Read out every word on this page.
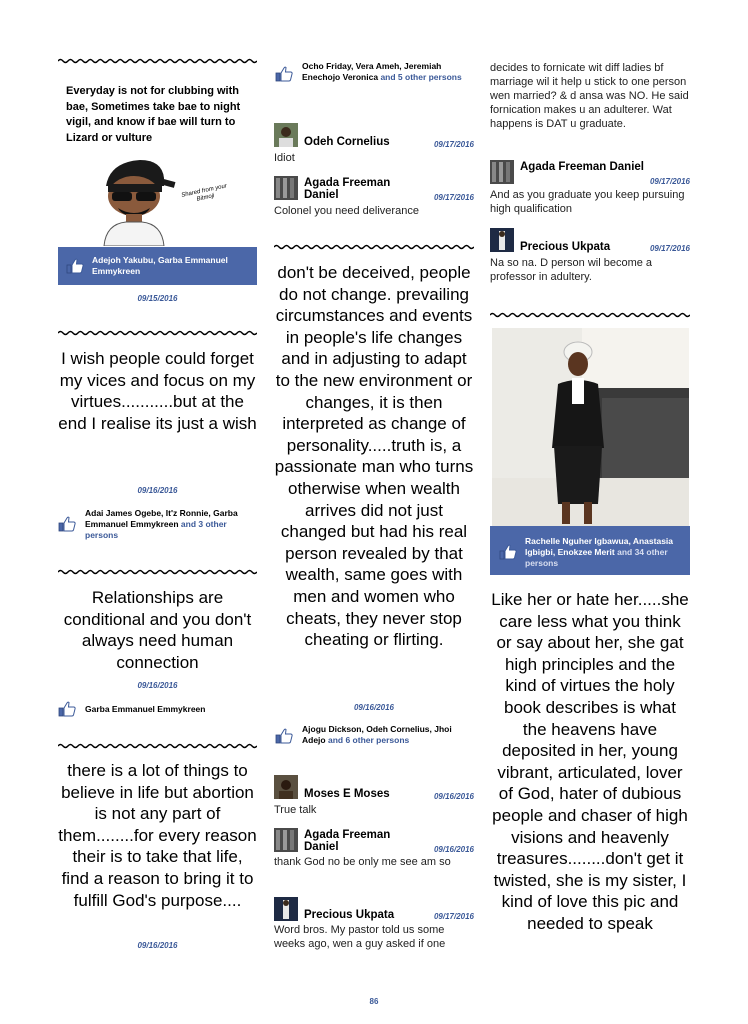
Everyday is not for clubbing with bae, Sometimes take bae to night vigil, and know if bae will turn to Lizard or vulture
Shared from your Bitmoji
Adejoh Yakubu, Garba Emmanuel Emmykreen
09/15/2016
I wish people could forget my vices and focus on my virtues...........but at the end I realise its just a wish
09/16/2016
Adai James Ogebe, It'z Ronnie, Garba Emmanuel Emmykreen and 3 other persons
Relationships are conditional and you don't always need human connection
09/16/2016
Garba Emmanuel Emmykreen
there is a lot of things to believe in life but abortion is not any part of them........for every reason their is to take that life, find a reason to bring it to fulfill God's purpose....
09/16/2016
Ocho Friday, Vera Ameh, Jeremiah Enechojo Veronica and 5 other persons
Odeh Cornelius	09/17/2016
Idiot
Agada Freeman Daniel	09/17/2016
Colonel you need deliverance
don't be deceived, people do not change. prevailing circumstances and events in people's life changes and in adjusting to adapt to the new environment or changes, it is then interpreted as change of personality.....truth is, a passionate man who turns otherwise when wealth arrives did not just changed but had his real person revealed by that wealth, same goes with men and women who cheats, they never stop cheating or flirting.
09/16/2016
Ajogu Dickson, Odeh Cornelius, Jhoi Adejo and 6 other persons
Moses E Moses	09/16/2016
True talk
Agada Freeman Daniel	09/16/2016
thank God no be only me see am so
Precious Ukpata	09/17/2016
Word bros. My pastor told us some weeks ago, wen a guy asked if one
decides to fornicate wit diff ladies bf marriage wil it help u stick to one person wen married? & d ansa was NO. He said fornication makes u an adulterer. Wat happens is DAT u graduate.
Agada Freeman Daniel
09/17/2016
And as you graduate you keep pursuing high qualification
Precious Ukpata	09/17/2016
Na so na. D person wil become a professor in adultery.
Rachelle Nguher Igbawua, Anastasia Igbigbi, Enokzee Merit and 34 other persons
Like her or hate her.....she care less what you think or say about her, she gat high principles and the kind of virtues the holy book describes is what the heavens have deposited in her, young vibrant, articulated, lover of God, hater of dubious people and chaser of high visions and heavenly treasures........don't get it twisted, she is my sister, I kind of love this pic and needed to speak
86
